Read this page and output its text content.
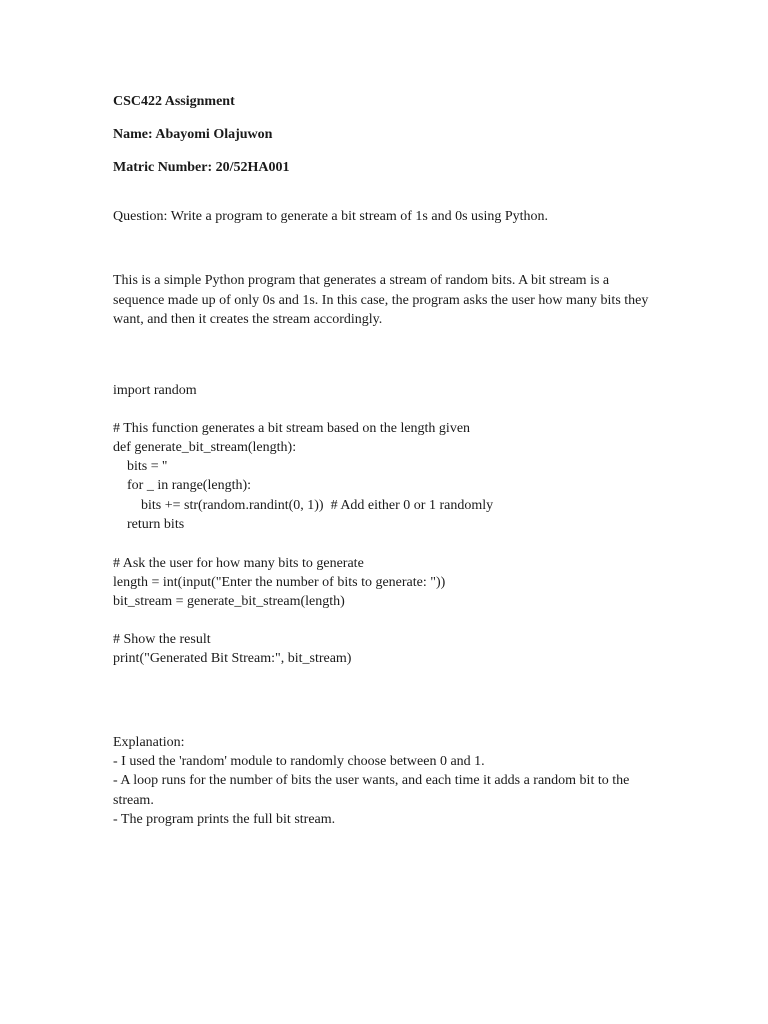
CSC422 Assignment
Name: Abayomi Olajuwon
Matric Number: 20/52HA001
Question: Write a program to generate a bit stream of 1s and 0s using Python.
This is a simple Python program that generates a stream of random bits. A bit stream is a sequence made up of only 0s and 1s. In this case, the program asks the user how many bits they want, and then it creates the stream accordingly.
import random
# This function generates a bit stream based on the length given
def generate_bit_stream(length):
bits = ''
for _ in range(length):
bits += str(random.randint(0, 1))  # Add either 0 or 1 randomly
return bits
# Ask the user for how many bits to generate
length = int(input("Enter the number of bits to generate: "))
bit_stream = generate_bit_stream(length)
# Show the result
print("Generated Bit Stream:", bit_stream)
Explanation:
- I used the 'random' module to randomly choose between 0 and 1.
- A loop runs for the number of bits the user wants, and each time it adds a random bit to the stream.
- The program prints the full bit stream.
